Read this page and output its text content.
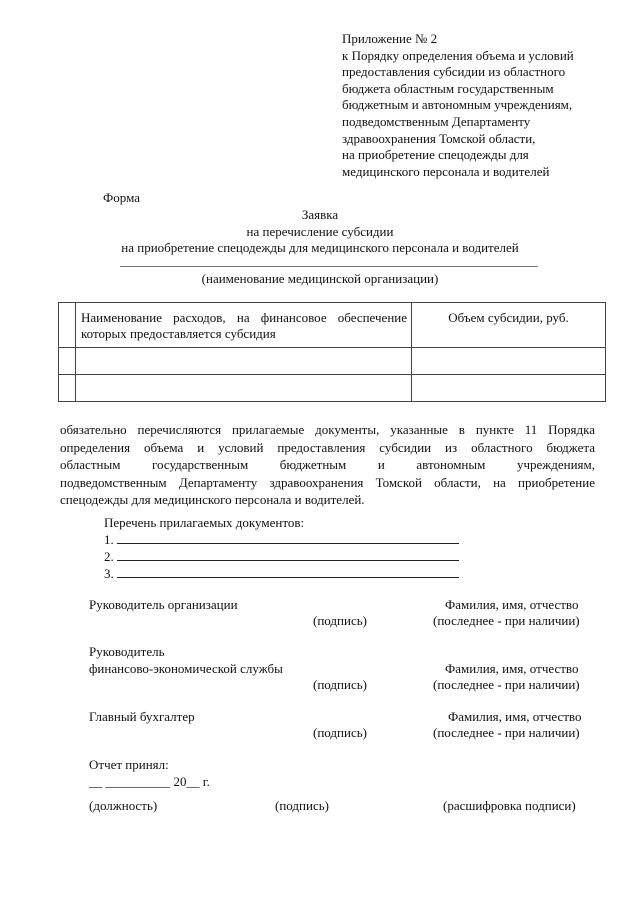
Приложение № 2
к Порядку определения объема и условий
предоставления субсидии из областного
бюджета областным государственным
бюджетным и автономным учреждениям,
подведомственным Департаменту
здравоохранения Томской области,
на приобретение спецодежды для
медицинского персонала и водителей
Форма
Заявка
на перечисление субсидии
на приобретение спецодежды для медицинского персонала и водителей
(наименование медицинской организации)
	Наименование расходов, на финансовое обеспечение которых предоставляется субсидия	Объем субсидии, руб.

обязательно перечисляются прилагаемые документы, указанные в пункте 11 Порядка
определения объема и условий предоставления субсидии из областного бюджета
областным государственным бюджетным и автономным учреждениям,
подведомственным Департаменту здравоохранения Томской области, на приобретение
спецодежды для медицинского персонала и водителей.
Перечень прилагаемых документов:
1.
2.
3.
Руководитель организации	Фамилия, имя, отчество
(подпись)	(последнее - при наличии)
Руководитель
финансово-экономической службы	Фамилия, имя, отчество
(подпись)	(последнее - при наличии)
Главный бухгалтер	Фамилия, имя, отчество
(подпись)	(последнее - при наличии)
Отчет принял:
__ __________ 20__ г.
(должность)	(подпись)	(расшифровка подписи)
